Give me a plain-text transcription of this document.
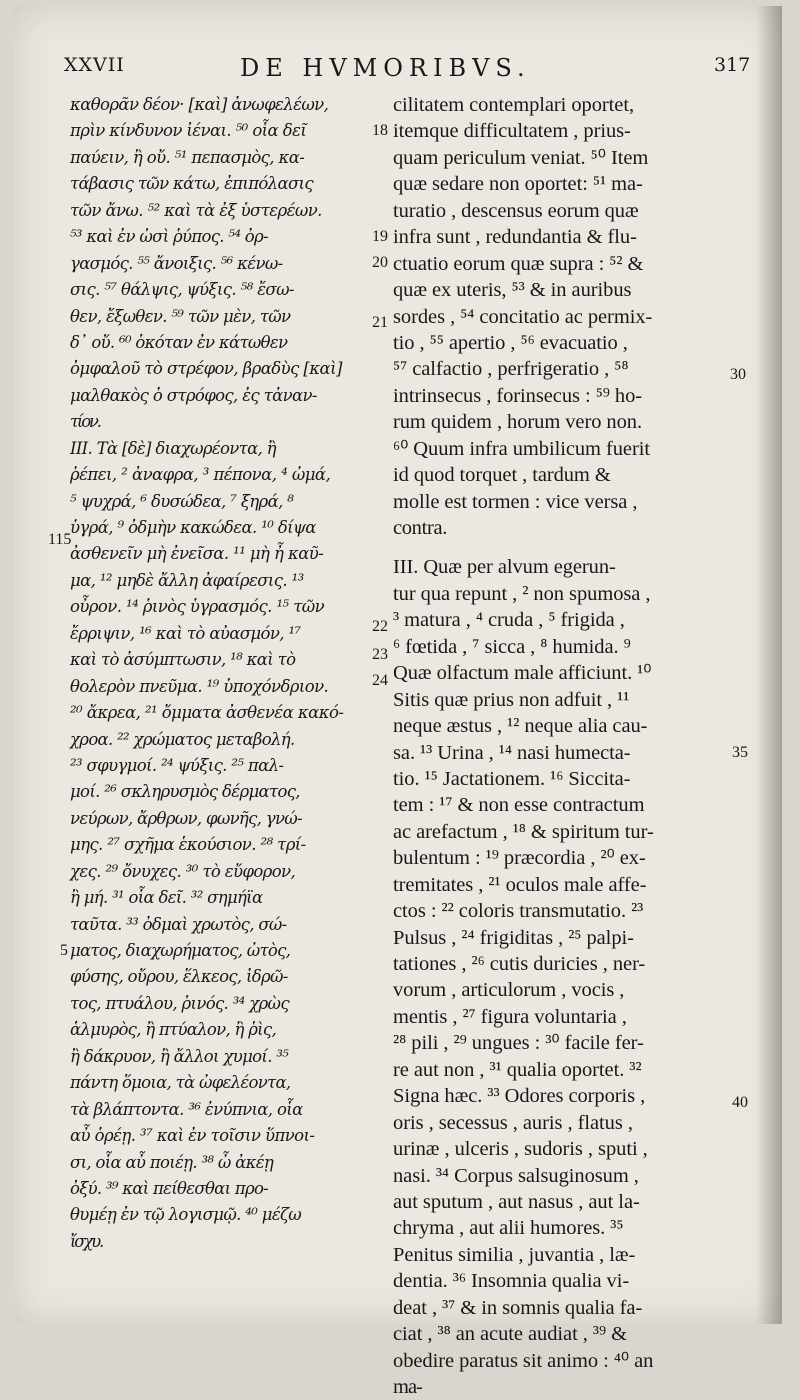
XXVII	DE HVMORIBVS.	317
καθορᾶν δέον· [καὶ] ἀνωφελέων,
πρὶν κίνδυνον ἰέναι. ⁵⁰ οἷα δεῖ
παύειν, ἢ οὔ. ⁵¹ πεπασμὸς, κα-
τάβασις τῶν κάτω, ἐπιπόλασις
τῶν ἄνω. ⁵² καὶ τὰ ἐξ ὑστερέων.
⁵³ καὶ ἐν ὠσὶ ῥύπος. ⁵⁴ ὀρ-
γασμός. ⁵⁵ ἄνοιξις. ⁵⁶ κένω-
σις. ⁵⁷ θάλψις, ψύξις. ⁵⁸ ἔσω-
θεν, ἔξωθεν. ⁵⁹ τῶν μὲν, τῶν
δ᾽ οὔ. ⁶⁰ ὁκόταν ἐν κάτωθεν
ὀμφαλοῦ τὸ στρέφον, βραδὺς [καὶ]
μαλθακὸς ὁ στρόφος, ἐς τἀναν-
τίον.
III. Τὰ [δὲ] διαχωρέοντα, ἢ
ῥέπει, ² ἀναφρα, ³ πέπονα, ⁴ ὠμά,
⁵ ψυχρά, ⁶ δυσώδεα, ⁷ ξηρά, ⁸
ὑγρά, ⁹ ὀδμὴν κακώδεα. ¹⁰ δίψα
ἀσθενεῖν μὴ ἐνεῖσα. ¹¹ μὴ ἦ καῦ-
μα, ¹² μηδὲ ἄλλη ἀφαίρεσις. ¹³
οὖρον. ¹⁴ ῥινὸς ὑγρασμός. ¹⁵ τῶν
ἔρριψιν, ¹⁶ καὶ τὸ αὐασμόν, ¹⁷
καὶ τὸ ἀσύμπτωσιν, ¹⁸ καὶ τὸ
θολερὸν πνεῦμα. ¹⁹ ὑποχόνδριον.
²⁰ ἄκρεα, ²¹ ὄμματα ἀσθενέα κακό-
χροα. ²² χρώματος μεταβολή.
²³ σφυγμοί. ²⁴ ψύξις. ²⁵ παλ-
μοί. ²⁶ σκληρυσμὸς δέρματος,
νεύρων, ἄρθρων, φωνῆς, γνώ-
μης. ²⁷ σχῆμα ἑκούσιον. ²⁸ τρί-
χες. ²⁹ ὄνυχες. ³⁰ τὸ εὔφορον,
ἢ μή. ³¹ οἷα δεῖ. ³² σημήϊα
ταῦτα. ³³ ὀδμαὶ χρωτὸς, σώ-
ματος, διαχωρήματος, ὠτὸς,
φύσης, οὔρου, ἕλκεος, ἱδρῶ-
τος, πτυάλου, ῥινός. ³⁴ χρὼς
ἁλμυρὸς, ἢ πτύαλον, ἢ ῥὶς,
ἢ δάκρυον, ἢ ἄλλοι χυμοί. ³⁵
πάντη ὅμοια, τὰ ὠφελέοντα,
τὰ βλάπτοντα. ³⁶ ἐνύπνια, οἷα
αὖ ὁρέῃ. ³⁷ καὶ ἐν τοῖσιν ὕπνοι-
σι, οἷα αὖ ποιέῃ. ³⁸ ὦ ἀκέῃ
ὀξύ. ³⁹ καὶ πείθεσθαι προ-
θυμέῃ ἐν τῷ λογισμῷ. ⁴⁰ μέζω
ἴσχυ.
cilitatem contemplari oportet,
itemque difficultatem , prius-
quam periculum veniat. ⁵⁰ Item
quæ sedare non oportet: ⁵¹ ma-
turatio , descensus eorum quæ
infra sunt , redundantia & flu-
ctuatio eorum quæ supra : ⁵² &
quæ ex uteris, ⁵³ & in auribus
sordes , ⁵⁴ concitatio ac permix-
tio , ⁵⁵ apertio , ⁵⁶ evacuatio ,
⁵⁷ calfactio , perfrigeratio , ⁵⁸
intrinsecus , forinsecus : ⁵⁹ ho-
rum quidem , horum vero non.
⁶⁰ Quum infra umbilicum fuerit
id quod torquet , tardum &
molle est tormen : vice versa ,
contra.
III. Quæ per alvum egerun-
tur qua repunt , ² non spumosa ,
³ matura , ⁴ cruda , ⁵ frigida ,
⁶ fœtida , ⁷ sicca , ⁸ humida. ⁹
Quæ olfactum male afficiunt. ¹⁰
Sitis quæ prius non adfuit , ¹¹
neque æstus , ¹² neque alia cau-
sa. ¹³ Urina , ¹⁴ nasi humecta-
tio. ¹⁵ Jactationem. ¹⁶ Siccita-
tem : ¹⁷ & non esse contractum
ac arefactum , ¹⁸ & spiritum tur-
bulentum : ¹⁹ præcordia , ²⁰ ex-
tremitates , ²¹ oculos male affe-
ctos : ²² coloris transmutatio. ²³
Pulsus , ²⁴ frigiditas , ²⁵ palpi-
tationes , ²⁶ cutis duricies , ner-
vorum , articulorum , vocis ,
mentis , ²⁷ figura voluntaria ,
²⁸ pili , ²⁹ ungues : ³⁰ facile fer-
re aut non , ³¹ qualia oportet. ³²
Signa hæc. ³³ Odores corporis ,
oris , secessus , auris , flatus ,
urinæ , ulceris , sudoris , sputi ,
nasi. ³⁴ Corpus salsuginosum ,
aut sputum , aut nasus , aut la-
chryma , aut alii humores. ³⁵
Penitus similia , juvantia , læ-
dentia. ³⁶ Insomnia qualia vi-
deat , ³⁷ & in somnis qualia fa-
ciat , ³⁸ an acute audiat , ³⁹ &
obedire paratus sit animo : ⁴⁰ an
ma-
18
19
20
21
22
23
24
115
5
30
35
40
